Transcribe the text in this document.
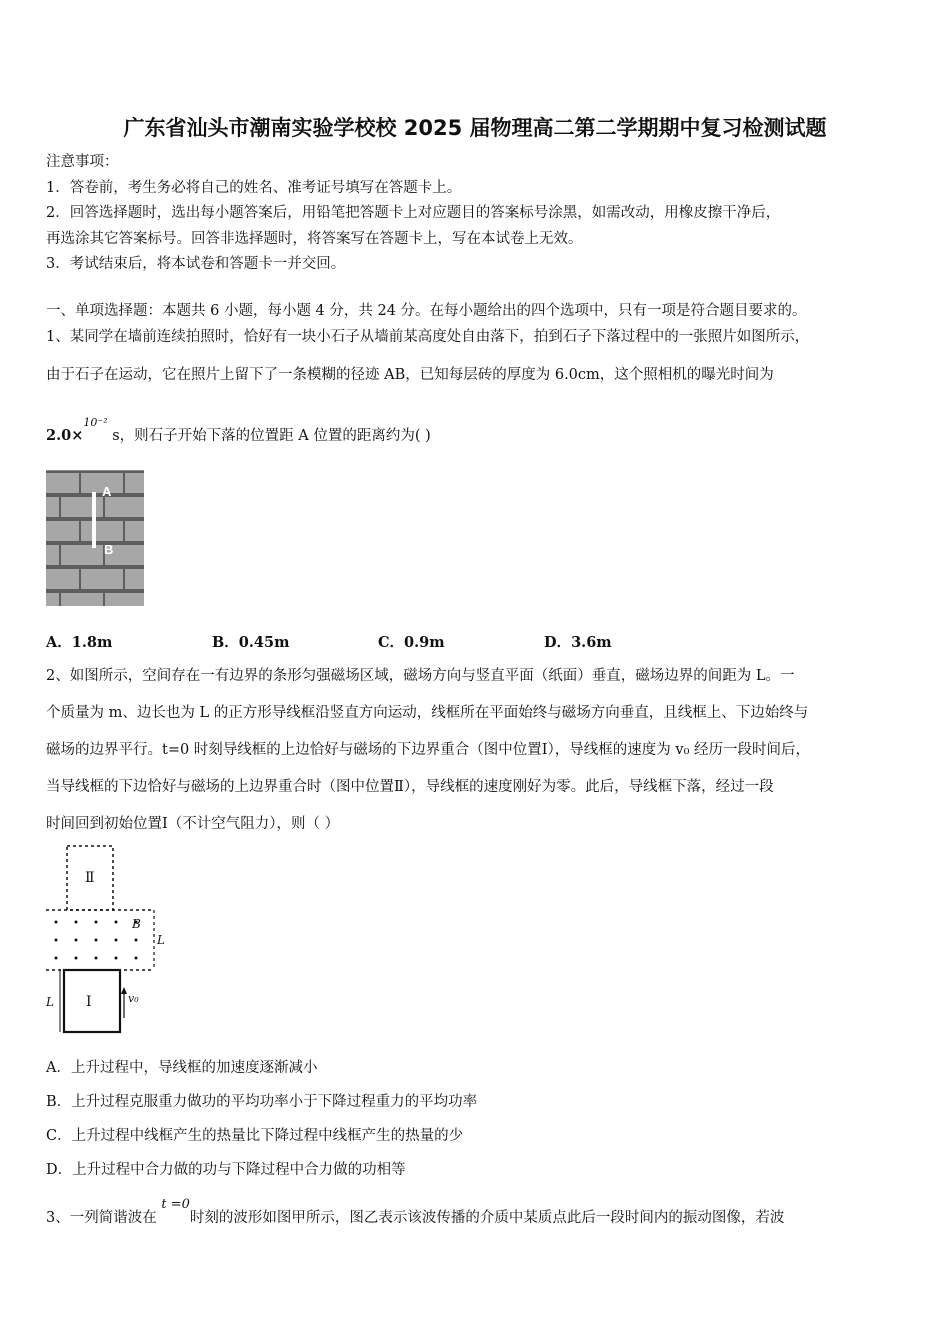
广东省汕头市潮南实验学校校 2025 届物理高二第二学期期中复习检测试题
注意事项：
1．答卷前，考生务必将自己的姓名、准考证号填写在答题卡上。
2．回答选择题时，选出每小题答案后，用铅笔把答题卡上对应题目的答案标号涂黑，如需改动，用橡皮擦干净后，
再选涂其它答案标号。回答非选择题时，将答案写在答题卡上，写在本试卷上无效。
3．考试结束后，将本试卷和答题卡一并交回。
一、单项选择题：本题共 6 小题，每小题 4 分，共 24 分。在每小题给出的四个选项中，只有一项是符合题目要求的。
1、某同学在墙前连续拍照时，恰好有一块小石子从墙前某高度处自由落下，拍到石子下落过程中的一张照片如图所示，
由于石子在运动，它在照片上留下了一条模糊的径迹 AB，已知每层砖的厚度为 6.0cm，这个照相机的曝光时间为
2.0×$^{10^{-2}}$ s，则石子开始下落的位置距 A 位置的距离约为( )
A
B
A．1.8m	B．0.45m	C．0.9m	D．3.6m
2、如图所示，空间存在一有边界的条形匀强磁场区域，磁场方向与竖直平面（纸面）垂直，磁场边界的间距为 L。一
个质量为 m、边长也为 L 的正方形导线框沿竖直方向运动，线框所在平面始终与磁场方向垂直，且线框上、下边始终与
磁场的边界平行。t=0 时刻导线框的上边恰好与磁场的下边界重合（图中位置Ⅰ），导线框的速度为 v₀ 经历一段时间后，
当导线框的下边恰好与磁场的上边界重合时（图中位置Ⅱ），导线框的速度刚好为零。此后，导线框下落，经过一段
时间回到初始位置Ⅰ（不计空气阻力），则（ ）
Ⅱ
B
L
Ⅰ
L	v₀
A．上升过程中，导线框的加速度逐渐减小
B．上升过程克服重力做功的平均功率小于下降过程重力的平均功率
C．上升过程中线框产生的热量比下降过程中线框产生的热量的少
D．上升过程中合力做的功与下降过程中合力做的功相等
3、一列简谐波在 t =0时刻的波形如图甲所示，图乙表示该波传播的介质中某质点此后一段时间内的振动图像，若波
